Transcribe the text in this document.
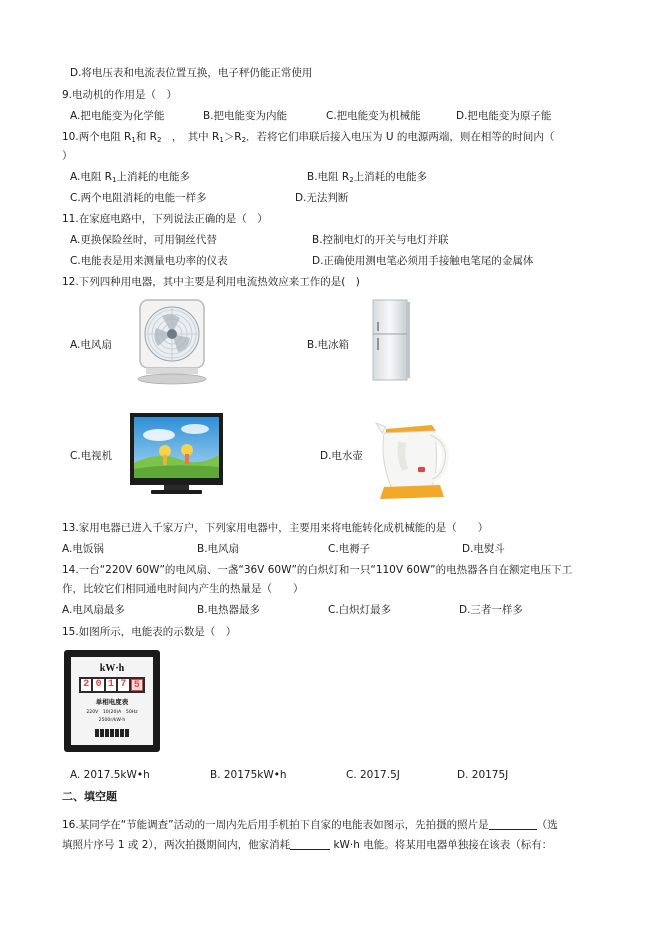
D.将电压表和电流表位置互换，电子秤仍能正常使用
9.电动机的作用是（　）
A.把电能变为化学能	B.把电能变为内能	C.把电能变为机械能	D.把电能变为原子能
10.两个电阻 $R_1$和 $R_2$　，　其中 $R_1>R_2$．若将它们串联后接入电压为 U 的电源两端，则在相等的时间内（
）
A.电阻 $R_1$上消耗的电能多	B.电阻 $R_2$上消耗的电能多
C.两个电阻消耗的电能一样多	D.无法判断
11.在家庭电路中，下列说法正确的是（　）
A.更换保险丝时，可用铜丝代替	B.控制电灯的开关与电灯并联
C.电能表是用来测量电功率的仪表	D.正确使用测电笔必须用手接触电笔尾的金属体
12.下列四种用电器，其中主要是利用电流热效应来工作的是(　)
A.电风扇	B.电冰箱
C.电视机	D.电水壶
13.家用电器已进入千家万户，下列家用电器中，主要用来将电能转化成机械能的是（　　）
A.电饭锅	B.电风扇	C.电褥子	D.电熨斗
14.一台“220V 60W”的电风扇、一盏“36V 60W”的白炽灯和一只“110V 60W”的电热器各自在额定电压下工
作，比较它们相同通电时间内产生的热量是（　　）
A.电风扇最多	B.电热器最多	C.白炽灯最多	D.三者一样多
15.如图所示，电能表的示数是（　）
kW·h
2 0 1 7 5
单相电度表
220V　10(20)A　50Hz
2500r/kW·h
A. 2017.5kW•h	B. 20175kW•h	C. 2017.5J	D. 20175J
二、填空题
16.某同学在“节能调查”活动的一周内先后用手机拍下自家的电能表如图示，先拍摄的照片是	（选
填照片序号 1 或 2），两次拍摄期间内，他家消耗	kW·h 电能。将某用电器单独接在该表（标有：
